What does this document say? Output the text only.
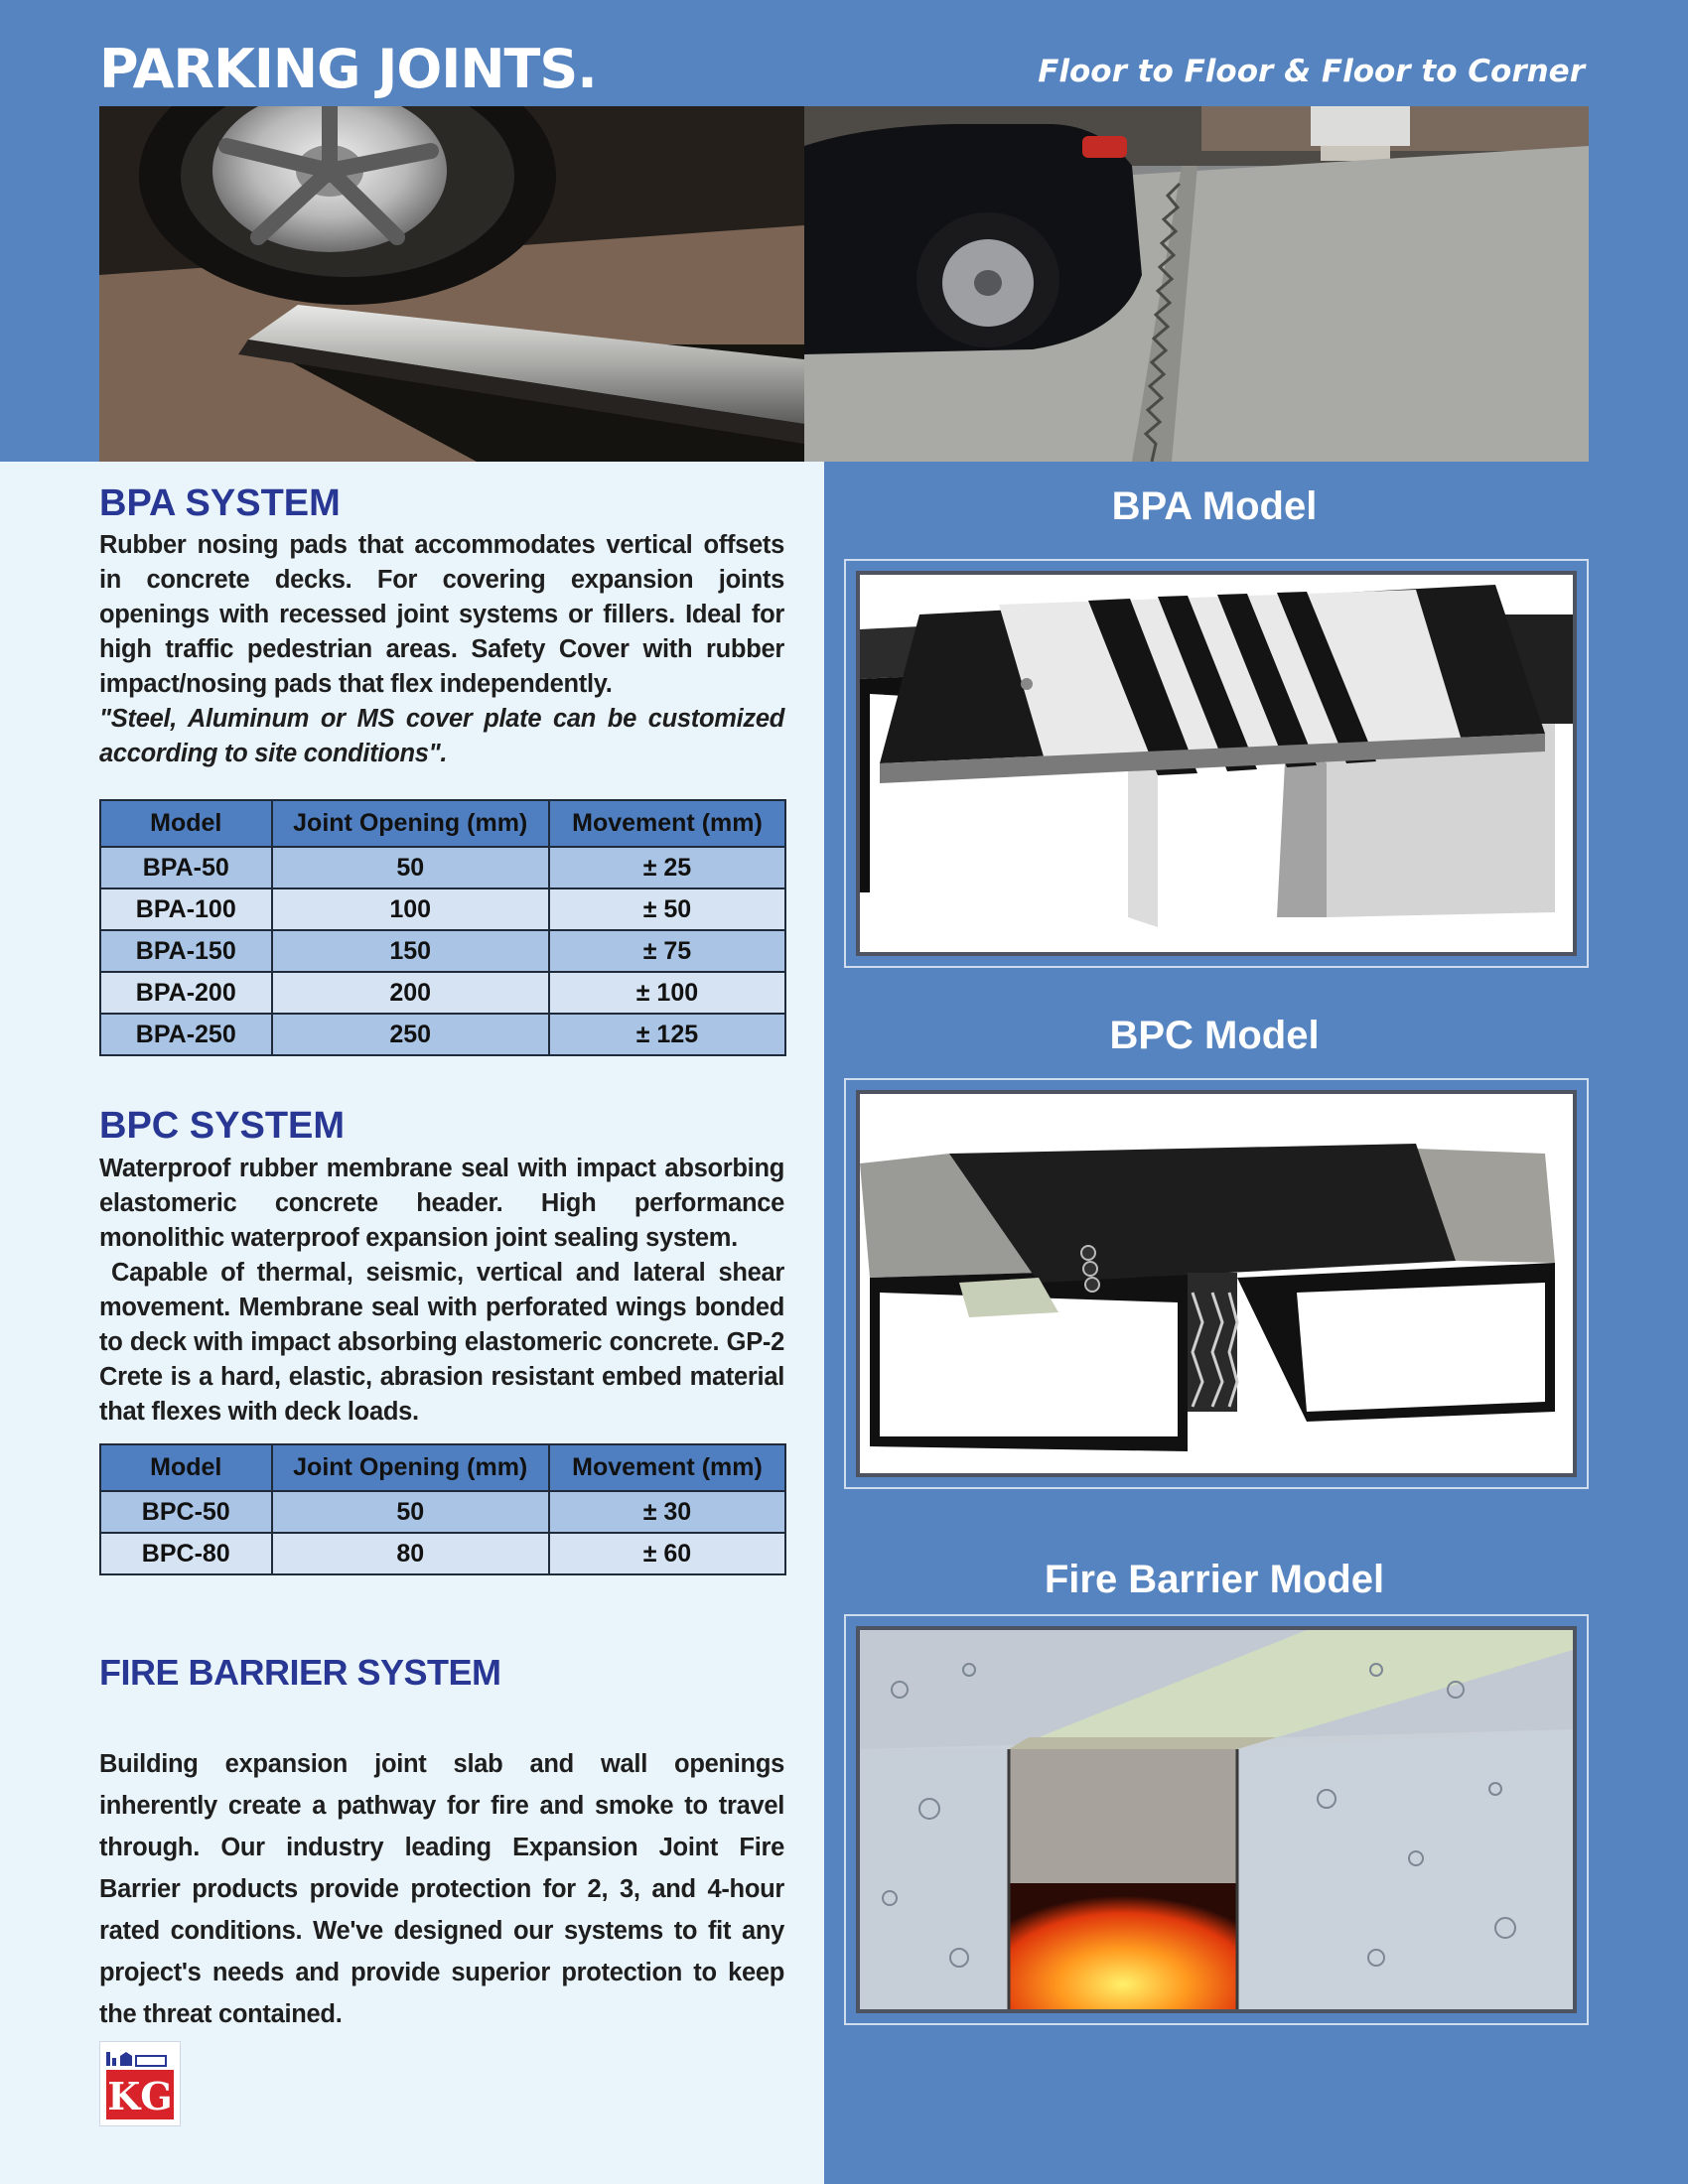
PARKING JOINTS.	Floor to Floor & Floor to Corner
BPA SYSTEM

Rubber nosing pads that accommodates vertical offsets in concrete decks. For covering expansion joints openings with recessed joint systems or fillers. Ideal for high traffic pedestrian areas. Safety Cover with rubber impact/nosing pads that flex independently.

"Steel, Aluminum or MS cover plate can be customized according to site conditions".

Model	Joint Opening (mm)	Movement (mm)
BPA-50	50	± 25
BPA-100	100	± 50
BPA-150	150	± 75
BPA-200	200	± 100
BPA-250	250	± 125
BPC SYSTEM

Waterproof rubber membrane seal with impact absorbing elastomeric concrete header. High performance monolithic waterproof expansion joint sealing system.

Capable of thermal, seismic, vertical and lateral shear movement. Membrane seal with perforated wings bonded to deck with impact absorbing elastomeric concrete. GP-2 Crete is a hard, elastic, abrasion resistant embed material that flexes with deck loads.

Model	Joint Opening (mm)	Movement (mm)
BPC-50	50	± 30
BPC-80	80	± 60
FIRE BARRIER SYSTEM

Building expansion joint slab and wall openings inherently create a pathway for fire and smoke to travel through. Our industry leading Expansion Joint Fire Barrier products provide protection for 2, 3, and 4-hour rated conditions. We've designed our systems to fit any project's needs and provide superior protection to keep the threat contained.

KG
BPA Model
BPC Model
Fire Barrier Model
